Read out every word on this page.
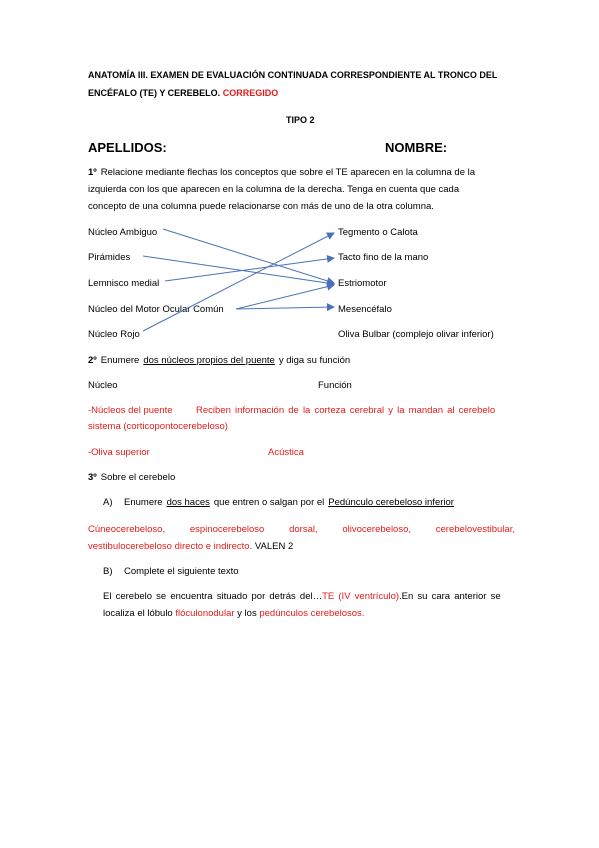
ANATOMÍA III. EXAMEN DE EVALUACIÓN CONTINUADA CORRESPONDIENTE AL TRONCO DEL
ENCÉFALO (TE) Y CEREBELO. CORREGIDO
TIPO 2
APELLIDOS:	NOMBRE:
1º Relacione mediante flechas los conceptos que sobre el TE aparecen en la columna de la
izquierda con los que aparecen en la columna de la derecha. Tenga en cuenta que cada
concepto de una columna puede relacionarse con más de uno de la otra columna.
Núcleo Ambiguo
Pirámides
Lemnisco medial
Núcleo del Motor Ocular Común
Núcleo Rojo
Tegmento o Calota
Tacto fino de la mano
Estriomotor
Mesencéfalo
Oliva Bulbar (complejo olivar inferior)
2º Enumere dos núcleos propios del puente y diga su función
Núcleo	Función
-Núcleos del puente Reciben información de la corteza cerebral y la mandan al cerebelo
sistema (corticopontocerebeloso)
-Oliva superior	Acústica
3º Sobre el cerebelo
A) Enumere dos haces que entren o salgan por el Pedúnculo cerebeloso inferior
Cúneocerebeloso,	espinocerebeloso	dorsal,	olivocerebeloso,	cerebelovestibular,
vestibulocerebeloso directo e indirecto. VALEN 2
B) Complete el siguiente texto
El cerebelo se encuentra situado por detrás del…TE (IV ventrículo).En su cara anterior se
localiza el lóbulo flóculonodular y los pedúnculos cerebelosos.
